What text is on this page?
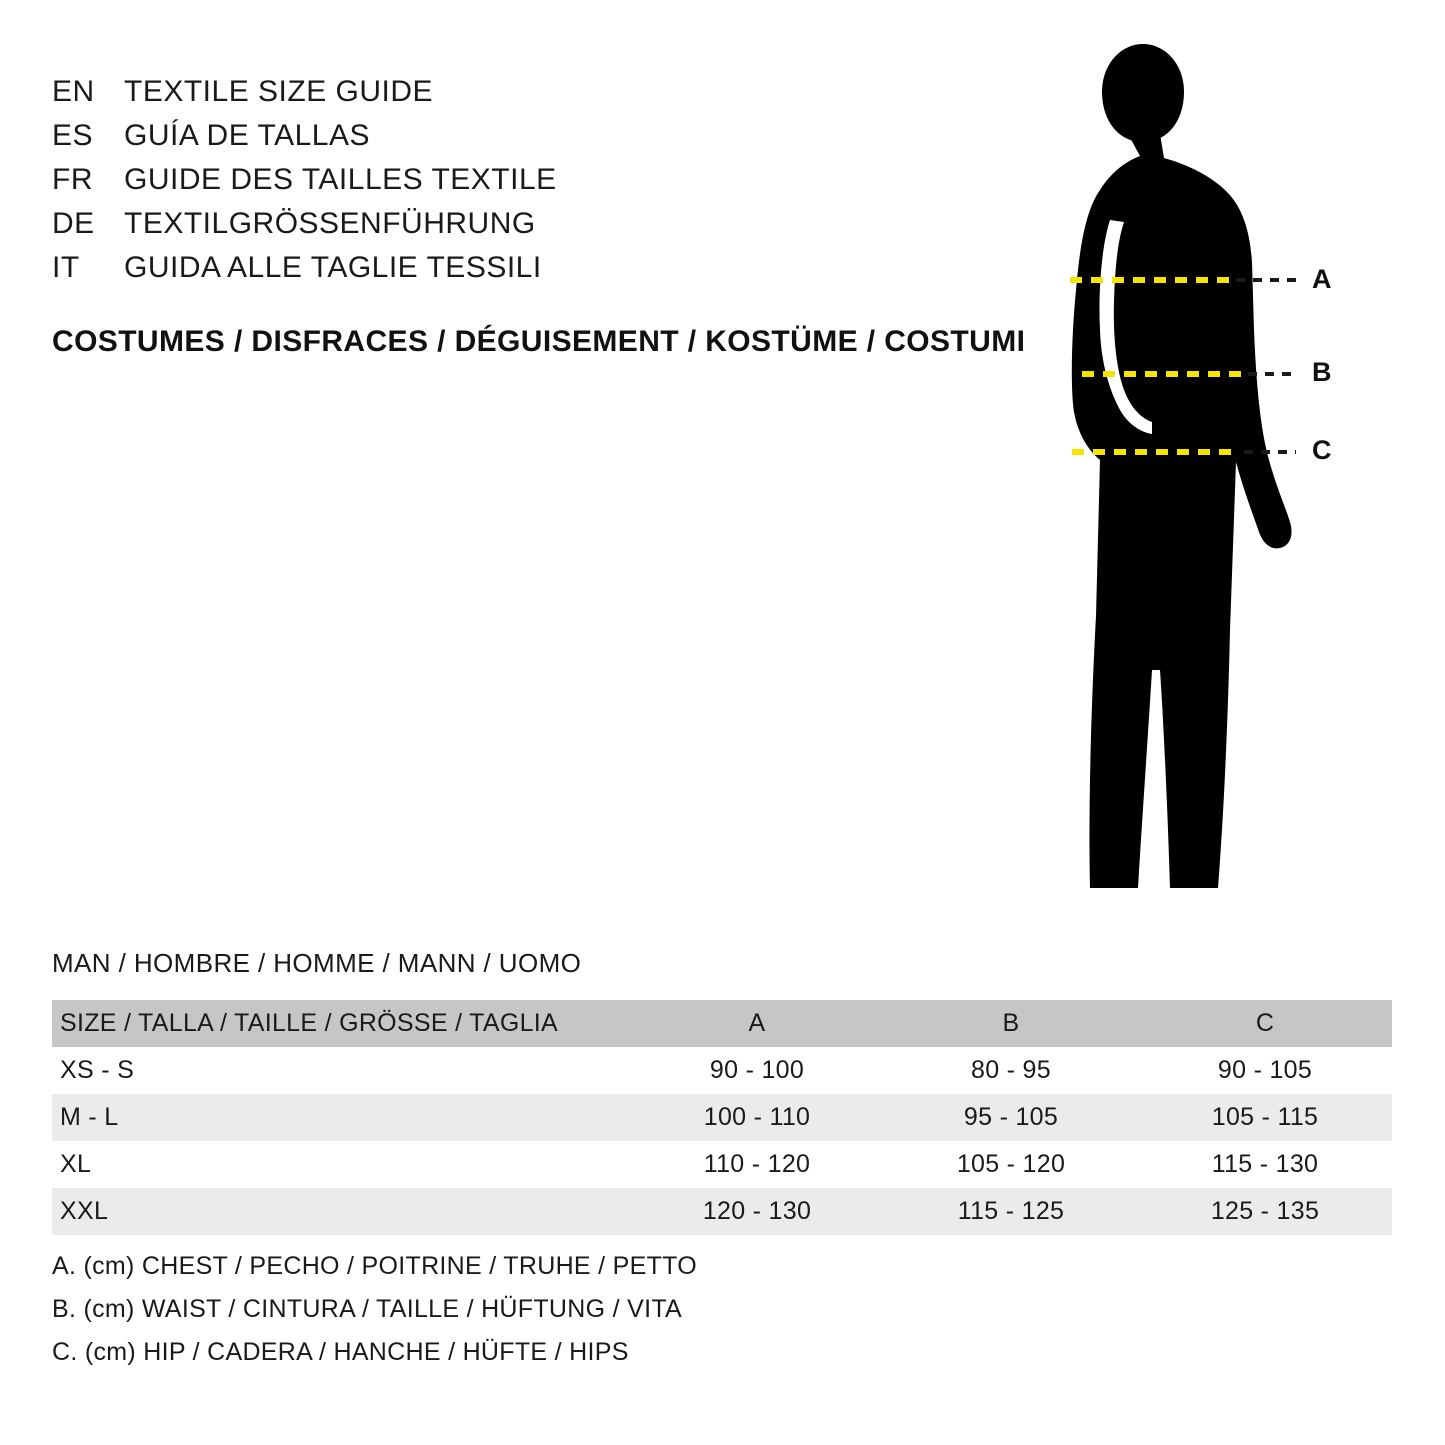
EN TEXTILE SIZE GUIDE
ES	GUÍA DE TALLAS
FR	GUIDE DES TAILLES TEXTILE
DE TEXTILGRÖSSENFÜHRUNG
IT	GUIDA ALLE TAGLIE TESSILI
COSTUMES / DISFRACES / DÉGUISEMENT / KOSTÜME / COSTUMI
A
B
C
MAN / HOMBRE / HOMME / MANN / UOMO
SIZE / TALLA / TAILLE / GRÖSSE / TAGLIA	A	B	C
XS - S	90 - 100	80 - 95	90 - 105
M - L	100 - 110	95 - 105	105 - 115
XL	110 - 120	105 - 120	115 - 130
XXL	120 - 130	115 - 125	125 - 135
A. (cm) CHEST / PECHO / POITRINE / TRUHE / PETTO
B. (cm) WAIST / CINTURA / TAILLE / HÜFTUNG / VITA
C. (cm) HIP / CADERA / HANCHE / HÜFTE / HIPS
